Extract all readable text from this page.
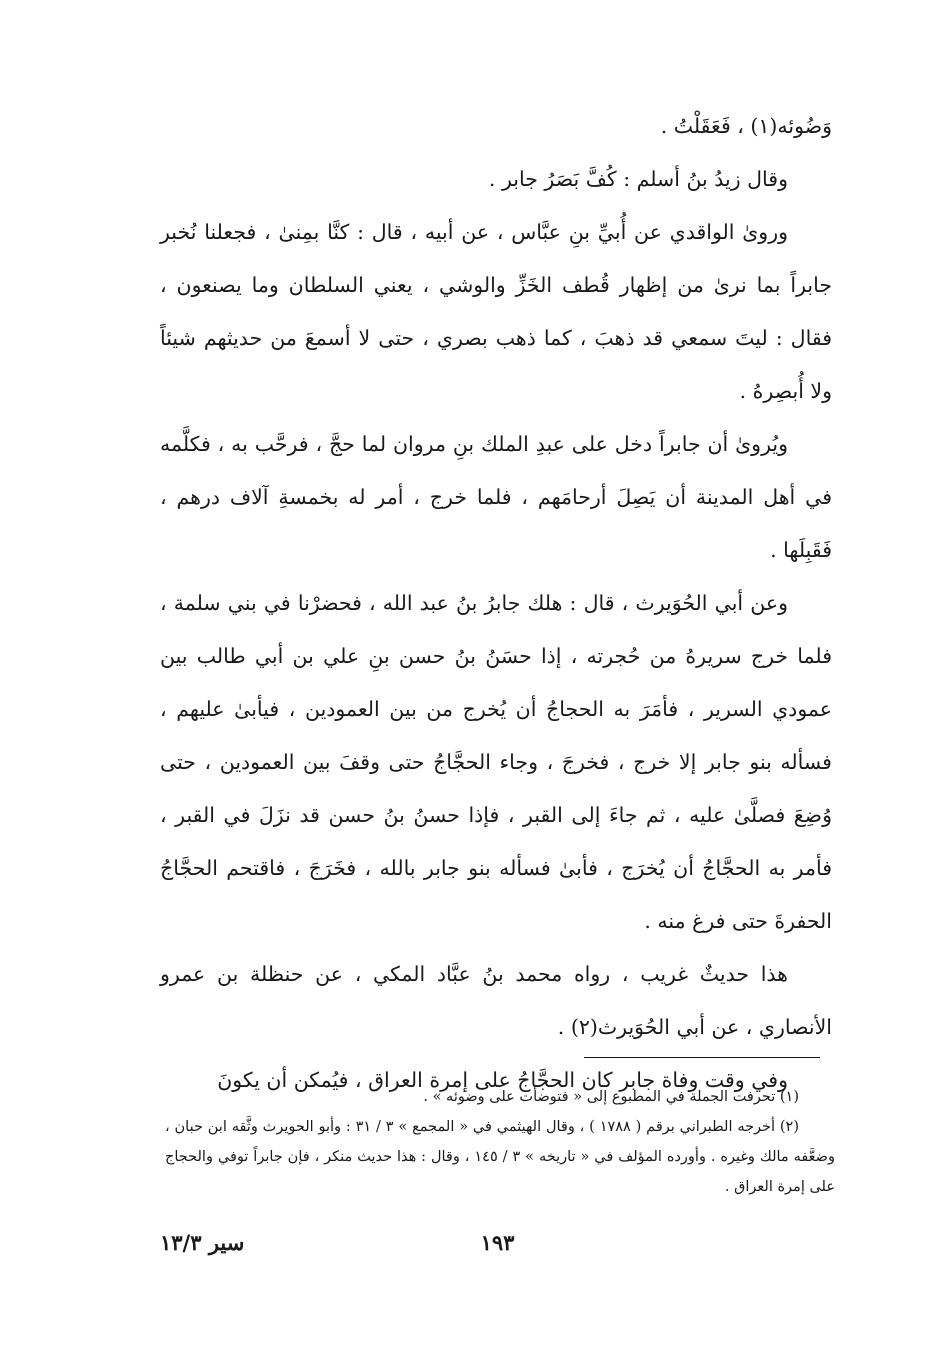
وَضُوئه(١) ، فَعَقَلْتُ .

وقال زيدُ بنُ أسلم : كُفَّ بَصَرُ جابر .

وروىٰ الواقدي عن أُبيِّ بنِ عبَّاس ، عن أبيه ، قال : كنَّا بمِنىٰ ، فجعلنا نُخبر جابراً بما نرىٰ من إظهار قُطف الخَزِّ والوشي ، يعني السلطان وما يصنعون ، فقال : ليتَ سمعي قد ذهبَ ، كما ذهب بصري ، حتى لا أسمعَ من حديثهم شيئاً ولا أُبصِرهُ .

ويُروىٰ أن جابراً دخل على عبدِ الملك بنِ مروان لما حجَّ ، فرحَّب به ، فكلَّمه في أهل المدينة أن يَصِلَ أرحامَهم ، فلما خرج ، أمر له بخمسةِ آلاف درهم ، فَقَبِلَها .

وعن أبي الحُوَيرث ، قال : هلك جابرُ بنُ عبد الله ، فحضرْنا في بني سلمة ، فلما خرج سريرهُ من حُجرته ، إذا حسَنُ بنُ حسن بنِ علي بن أبي طالب بين عمودي السرير ، فأمَرَ به الحجاجُ أن يُخرج من بين العمودين ، فيأبىٰ عليهم ، فسأله بنو جابر إلا خرج ، فخرجَ ، وجاء الحجَّاجُ حتى وقفَ بين العمودين ، حتى وُضِعَ فصلَّىٰ عليه ، ثم جاءَ إلى القبر ، فإذا حسنُ بنُ حسن قد نزَلَ في القبر ، فأمر به الحجَّاجُ أن يُخرَج ، فأبىٰ فسأله بنو جابر بالله ، فخَرَجَ ، فاقتحم الحجَّاجُ الحفرةَ حتى فرغ منه .

هذا حديثٌ غريب ، رواه محمد بنُ عبَّاد المكي ، عن حنظلة بن عمرو الأنصاري ، عن أبي الحُوَيرث(٢) .

وفي وقت وفاة جابر كان الحجَّاجُ على إمرة العراق ، فيُمكن أن يكونَ

(١) تحرفت الجملة في المطبوع إلى « فتوضأت على وضوئه » .

(٢) أخرجه الطبراني برقم ( ١٧٨٨ ) ، وقال الهيثمي في « المجمع » ٣ / ٣١ : وأبو الحويرث وثَّقه ابن حبان ، وضعَّفه مالك وغيره . وأورده المؤلف في « تاريخه » ٣ / ١٤٥ ، وقال : هذا حديث منكر ، فإن جابراً توفي والحجاج على إمرة العراق .

١٩٣
سير ١٣/٣
